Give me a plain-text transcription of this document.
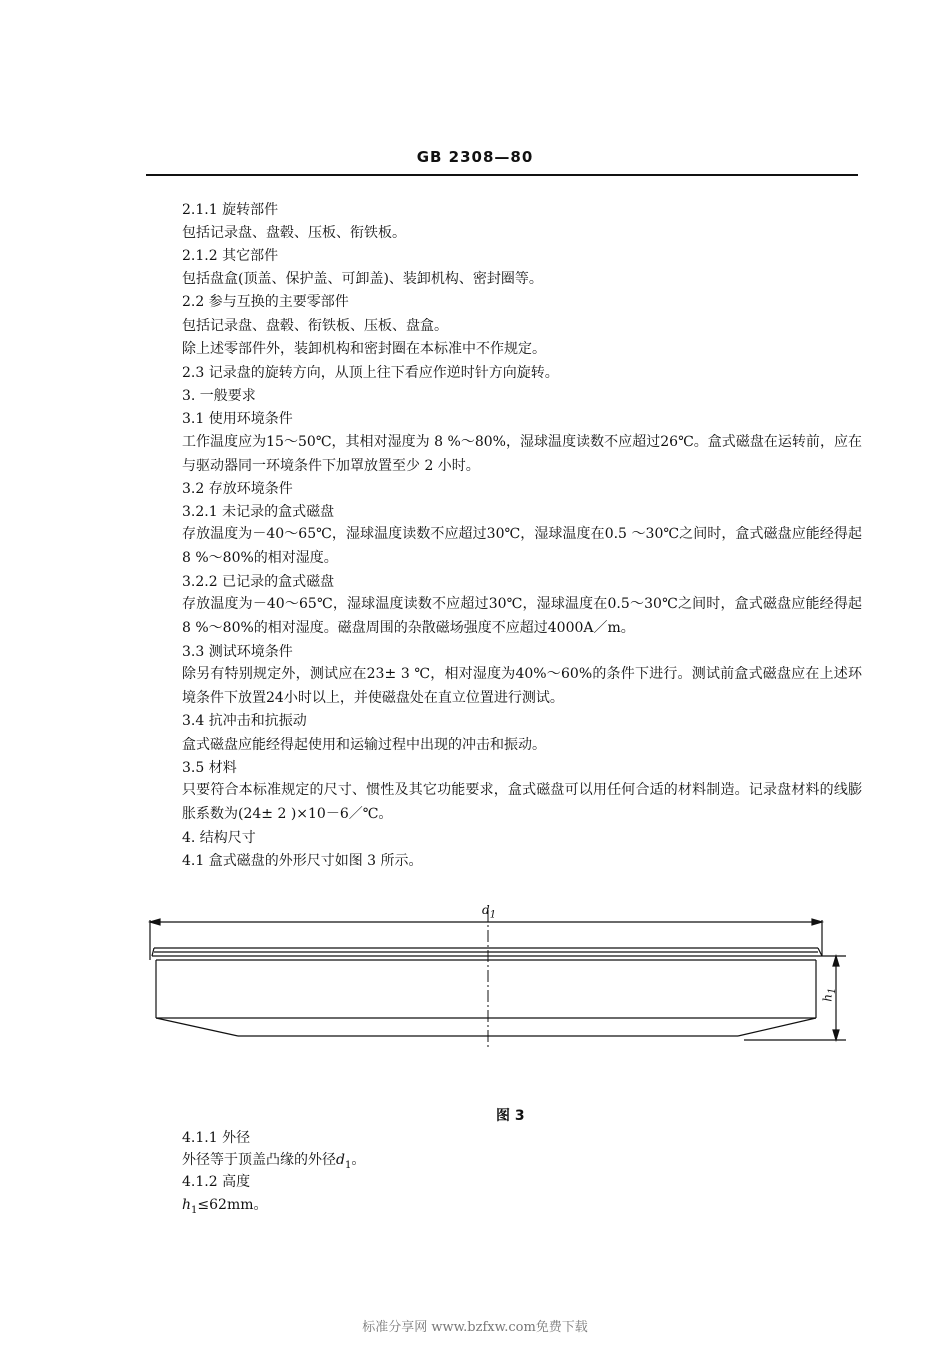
GB 2308—80
2.1.1 旋转部件
包括记录盘、盘毂、压板、衔铁板。
2.1.2 其它部件
包括盘盒(顶盖、保护盖、可卸盖)、装卸机构、密封圈等。
2.2 参与互换的主要零部件
包括记录盘、盘毂、衔铁板、压板、盘盒。
除上述零部件外，装卸机构和密封圈在本标准中不作规定。
2.3 记录盘的旋转方向，从顶上往下看应作逆时针方向旋转。
3. 一般要求
3.1 使用环境条件
工作温度应为15～50℃，其相对湿度为 8 %～80%，湿球温度读数不应超过26℃。盒式磁盘在运转前，应在与驱动器同一环境条件下加罩放置至少 2 小时。
3.2 存放环境条件
3.2.1 未记录的盒式磁盘
存放温度为－40～65℃，湿球温度读数不应超过30℃，湿球温度在0.5 ～30℃之间时，盒式磁盘应能经得起 8 %～80%的相对湿度。
3.2.2 已记录的盒式磁盘
存放温度为－40～65℃，湿球温度读数不应超过30℃，湿球温度在0.5～30℃之间时，盒式磁盘应能经得起 8 %～80%的相对湿度。磁盘周围的杂散磁场强度不应超过4000A／m。
3.3 测试环境条件
除另有特别规定外，测试应在23± 3 ℃，相对湿度为40%～60%的条件下进行。测试前盒式磁盘应在上述环境条件下放置24小时以上，并使磁盘处在直立位置进行测试。
3.4 抗冲击和抗振动
盒式磁盘应能经得起使用和运输过程中出现的冲击和振动。
3.5 材料
只要符合本标准规定的尺寸、惯性及其它功能要求，盒式磁盘可以用任何合适的材料制造。记录盘材料的线膨胀系数为(24± 2 )×10－6／℃。
4. 结构尺寸
4.1 盒式磁盘的外形尺寸如图 3 所示。
$d_1$
$h_1$
图 3
4.1.1 外径
外径等于顶盖凸缘的外径$d_1$。
4.1.2 高度
$h_1\le 62mm$。
标准分享网 www.bzfxw.com免费下载
